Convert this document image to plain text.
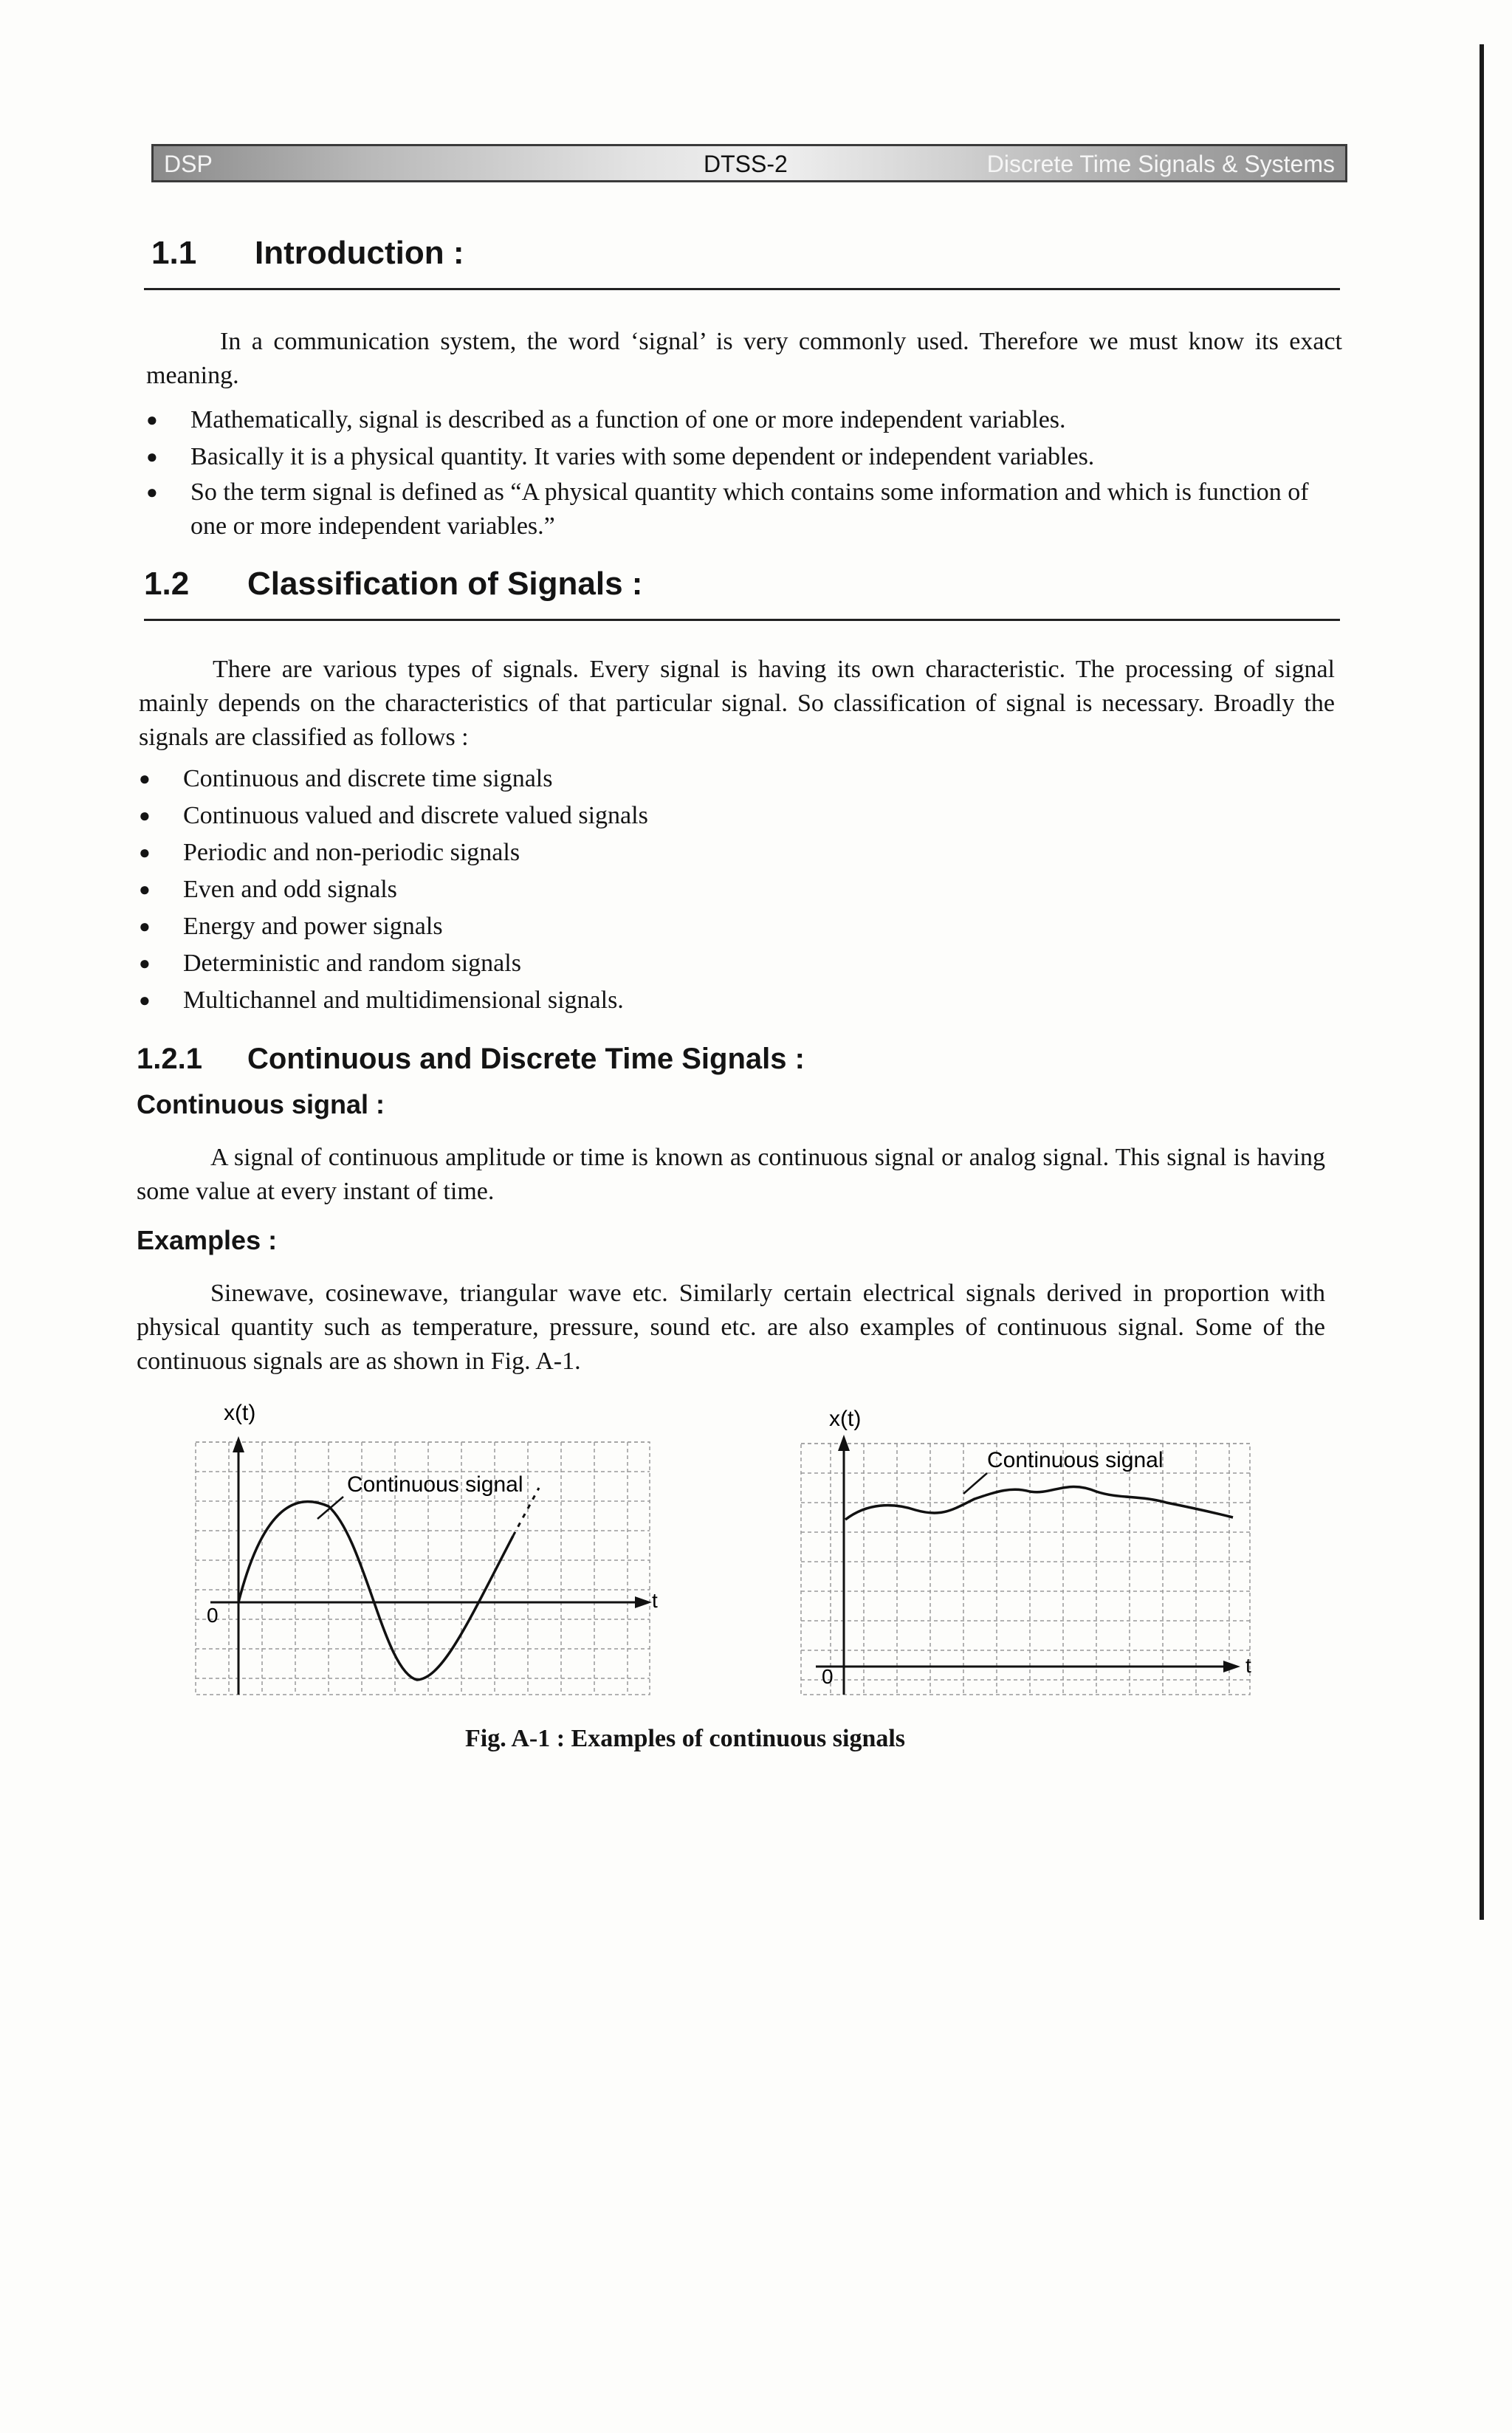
DSP	DTSS-2	Discrete Time Signals & Systems
1.1 Introduction :

In a communication system, the word ‘signal’ is very commonly used. Therefore we must know its exact meaning.

● Mathematically, signal is described as a function of one or more independent variables.
● Basically it is a physical quantity. It varies with some dependent or independent variables.
● So the term signal is defined as “A physical quantity which contains some information and which is function of one or more independent variables.”
1.2 Classification of Signals :

There are various types of signals. Every signal is having its own characteristic. The processing of signal mainly depends on the characteristics of that particular signal. So classification of signal is necessary. Broadly the signals are classified as follows :

● Continuous and discrete time signals
● Continuous valued and discrete valued signals
● Periodic and non-periodic signals
● Even and odd signals
● Energy and power signals
● Deterministic and random signals
● Multichannel and multidimensional signals.
1.2.1 Continuous and Discrete Time Signals :
Continuous signal :

A signal of continuous amplitude or time is known as continuous signal or analog signal. This signal is having some value at every instant of time.

Examples :

Sinewave, cosinewave, triangular wave etc. Similarly certain electrical signals derived in proportion with physical quantity such as temperature, pressure, sound etc. are also examples of continuous signal. Some of the continuous signals are as shown in Fig. A-1.

x(t)
0
t
Continuous signal
x(t)
0	t
Continuous signal
Fig. A-1 : Examples of continuous signals
